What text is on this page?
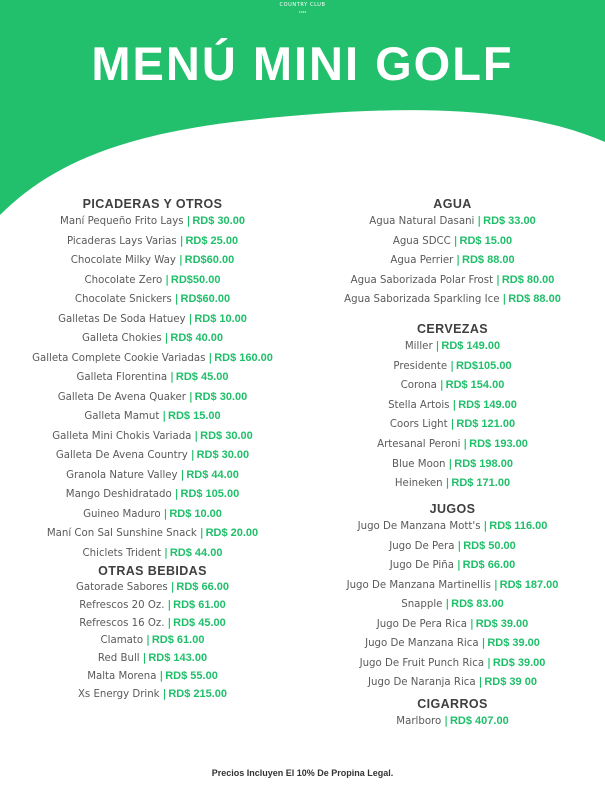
COUNTRY CLUB
1933
MENÚ MINI GOLF
PICADERAS Y OTROS
Maní Pequeño Frito Lays | RD$ 30.00
Picaderas Lays Varias | RD$ 25.00
Chocolate Milky Way | RD$60.00
Chocolate Zero | RD$50.00
Chocolate Snickers | RD$60.00
Galletas De Soda Hatuey | RD$ 10.00
Galleta Chokies | RD$ 40.00
Galleta Complete Cookie Variadas | RD$ 160.00
Galleta Florentina | RD$ 45.00
Galleta De Avena Quaker | RD$ 30.00
Galleta Mamut | RD$ 15.00
Galleta Mini Chokis Variada | RD$ 30.00
Galleta De Avena Country | RD$ 30.00
Granola Nature Valley | RD$ 44.00
Mango Deshidratado | RD$ 105.00
Guineo Maduro | RD$ 10.00
Maní Con Sal Sunshine Snack | RD$ 20.00
Chiclets Trident | RD$ 44.00
OTRAS BEBIDAS
Gatorade Sabores | RD$ 66.00
Refrescos 20 Oz. | RD$ 61.00
Refrescos 16 Oz. | RD$ 45.00
Clamato | RD$ 61.00
Red Bull | RD$ 143.00
Malta Morena | RD$ 55.00
Xs Energy Drink | RD$ 215.00
AGUA
Agua Natural Dasani | RD$ 33.00
Agua SDCC | RD$ 15.00
Agua Perrier | RD$ 88.00
Agua Saborizada Polar Frost | RD$ 80.00
Agua Saborizada Sparkling Ice | RD$ 88.00
CERVEZAS
Miller | RD$ 149.00
Presidente | RD$105.00
Corona | RD$ 154.00
Stella Artois | RD$ 149.00
Coors Light | RD$ 121.00
Artesanal Peroni | RD$ 193.00
Blue Moon | RD$ 198.00
Heineken | RD$ 171.00
JUGOS
Jugo De Manzana Mott's | RD$ 116.00
Jugo De Pera | RD$ 50.00
Jugo De Piña | RD$ 66.00
Jugo De Manzana Martinellis | RD$ 187.00
Snapple | RD$ 83.00
Jugo De Pera Rica | RD$ 39.00
Jugo De Manzana Rica | RD$ 39.00
Jugo De Fruit Punch Rica | RD$ 39.00
Jugo De Naranja Rica | RD$ 39 00
CIGARROS
Marlboro | RD$ 407.00
Precios Incluyen El 10% De Propina Legal.
